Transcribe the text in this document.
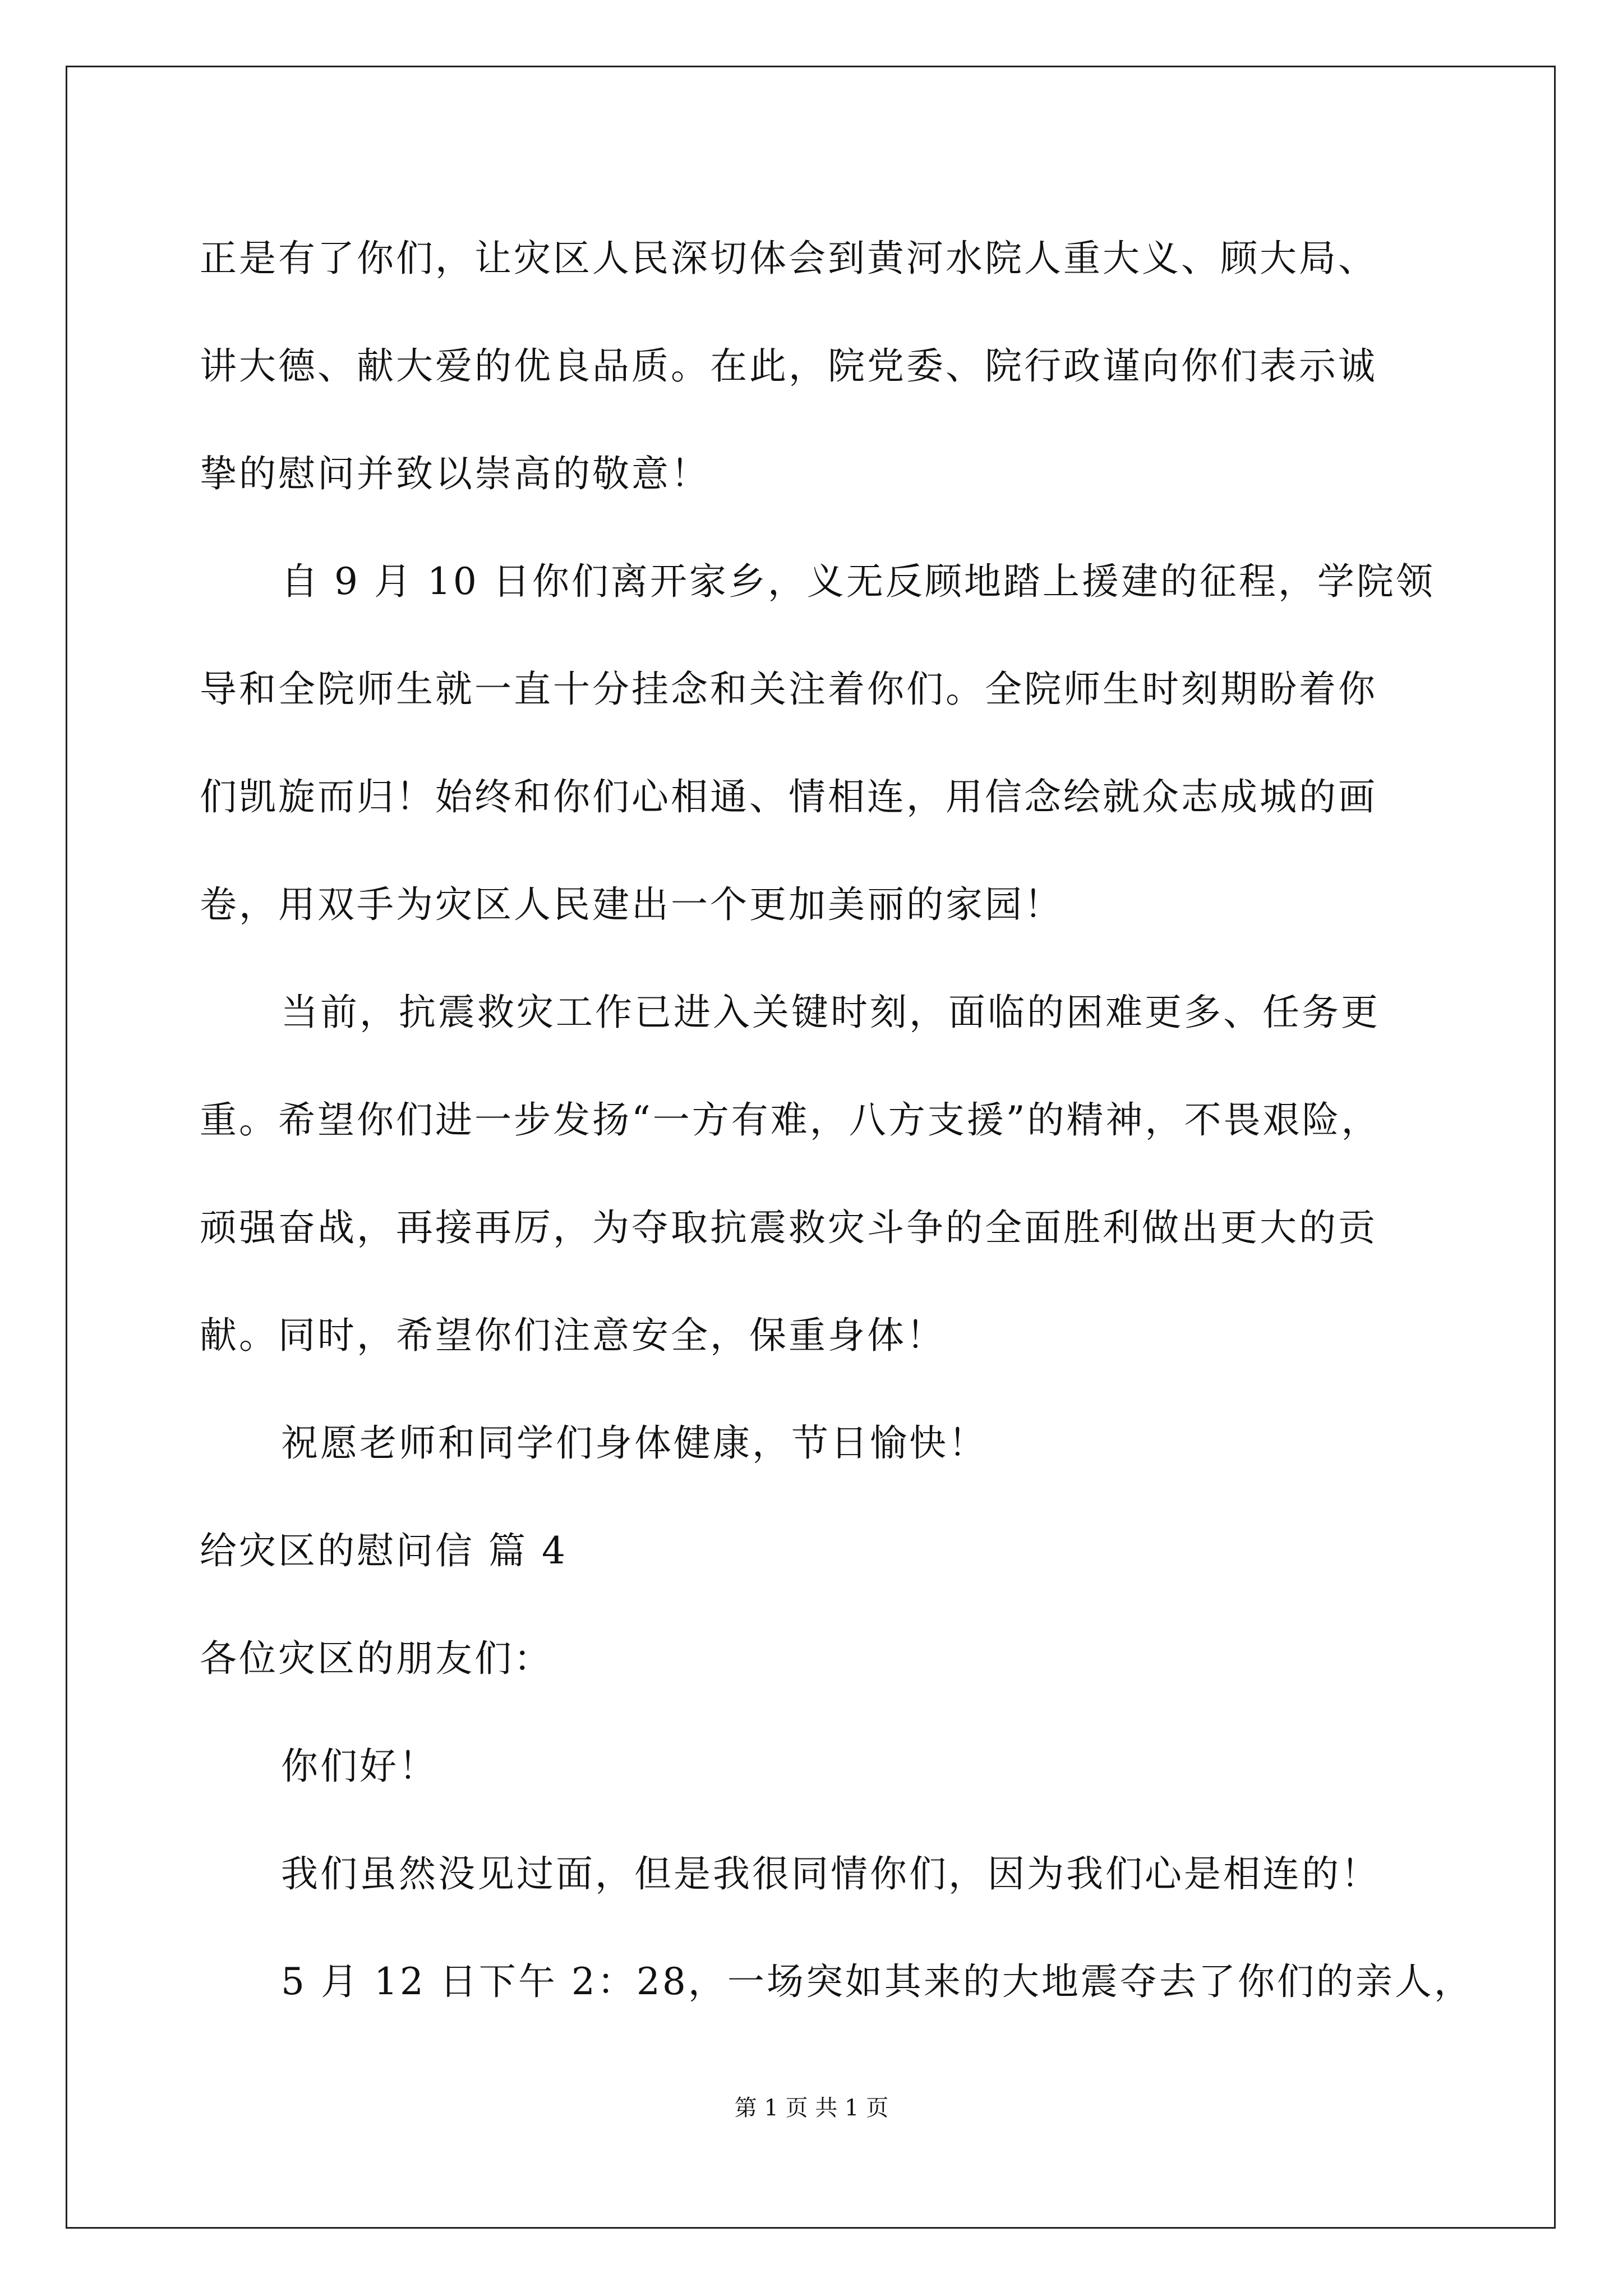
正是有了你们，让灾区人民深切体会到黄河水院人重大义、顾大局、
讲大德、献大爱的优良品质。在此，院党委、院行政谨向你们表示诚
挚的慰问并致以崇高的敬意！
自 9 月 10 日你们离开家乡，义无反顾地踏上援建的征程，学院领
导和全院师生就一直十分挂念和关注着你们。全院师生时刻期盼着你
们凯旋而归！始终和你们心相通、情相连，用信念绘就众志成城的画
卷，用双手为灾区人民建出一个更加美丽的家园！
当前，抗震救灾工作已进入关键时刻，面临的困难更多、任务更
重。希望你们进一步发扬“一方有难，八方支援”的精神，不畏艰险，
顽强奋战，再接再厉，为夺取抗震救灾斗争的全面胜利做出更大的贡
献。同时，希望你们注意安全，保重身体！
祝愿老师和同学们身体健康，节日愉快！
给灾区的慰问信 篇 4
各位灾区的朋友们：
你们好！
我们虽然没见过面，但是我很同情你们，因为我们心是相连的！
5 月 12 日下午 2：28，一场突如其来的大地震夺去了你们的亲人，
第 1 页 共 1 页
